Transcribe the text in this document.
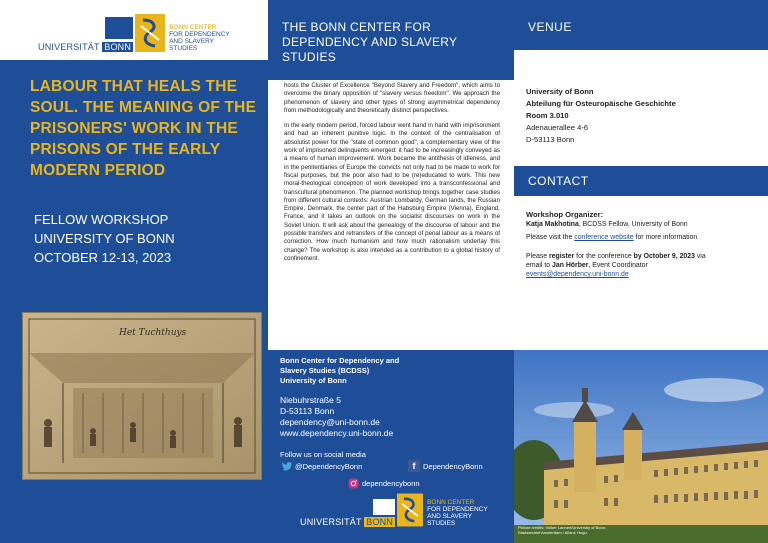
UNIVERSITÄT BONN
BONN CENTER
FOR DEPENDENCY
AND SLAVERY
STUDIES
LABOUR THAT HEALS THE SOUL. THE MEANING OF THE PRISONERS' WORK IN THE PRISONS OF THE EARLY MODERN PERIOD
FELLOW WORKSHOP
UNIVERSITY OF BONN
OCTOBER 12-13, 2023
Het Tuchthuys
THE BONN CENTER FOR DEPENDENCY AND SLAVERY STUDIES

hosts the Cluster of Excellence "Beyond Slavery and Freedom", which aims to overcome the binary opposition of "slavery versus freedom". We approach the phenomenon of slavery and other types of strong asymmetrical dependency from methodologically and theoretically distinct perspectives.

In the early modern period, forced labour went hand in hand with imprisonment and had an inherent punitive logic. In the context of the centralisation of absolutist power for the "state of common good", a complementary view of the work of imprisoned delinquents emerged: it had to be increasingly conveyed as a means of human improvement. Work became the antithesis of idleness, and in the penitentiaries of Europe the convicts not only had to be made to work for fiscal purposes, but the poor also had to be (re)educated to work. This new moral-theological conception of work developed into a transconfessional and transcultural phenomenon. The planned workshop brings together case studies from different cultural contexts: Austrian Lombardy, German lands, the Russian Empire, Denmark, the center part of the Habsburg Empire (Vienna), England, France, and it takes an outlook on the socialist discourses on work in the Soviet Union. It will ask about the genealogy of the discourse of labour and the possible transfers and retransfers of the concept of penal labour as a means of correction. How much humanism and how much rationalism underlay this change? The workshop is also intended as a contribution to a global history of confinement.

Bonn Center for Dependency and
Slavery Studies (BCDSS)
University of Bonn
Niebuhrstraße 5
D-53113 Bonn
dependency@uni-bonn.de
www.dependency.uni-bonn.de
Follow us on social media
@DependencyBonn	f	DependencyBonn
dependencybonn
UNIVERSITÄT BONN
BONN CENTER
FOR DEPENDENCY
AND SLAVERY
STUDIES
VENUE
University of Bonn
Abteilung für Osteuropäische Geschichte
Room 3.010
Adenauerallee 4-6
D-53113 Bonn
CONTACT
Workshop Organizer:
Katja Makhotina, BCDSS Fellow, University of Bonn
Please visit the conference website for more information
Please register for the conference by October 9, 2023 via
email to Jan Hörber, Event Coordinator
events@dependency.uni-bonn.de
Picture credits: Volker Lannert/University of Bonn;
Stadsarchief Amsterdam / Allard, Hugo
